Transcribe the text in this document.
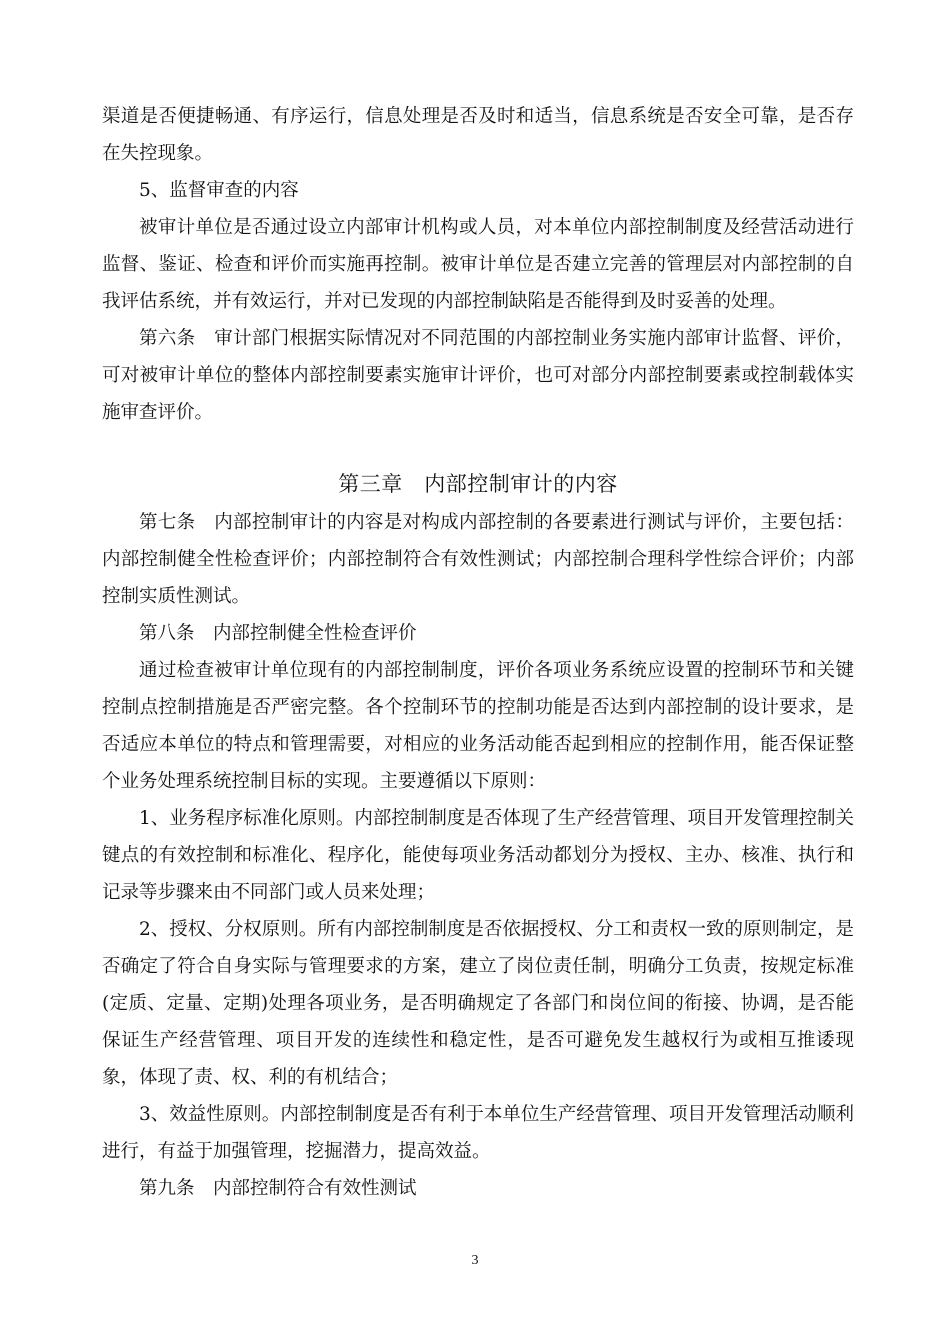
渠道是否便捷畅通、有序运行，信息处理是否及时和适当，信息系统是否安全可靠，是否存在失控现象。

5、监督审查的内容

被审计单位是否通过设立内部审计机构或人员，对本单位内部控制制度及经营活动进行监督、鉴证、检查和评价而实施再控制。被审计单位是否建立完善的管理层对内部控制的自我评估系统，并有效运行，并对已发现的内部控制缺陷是否能得到及时妥善的处理。

第六条　审计部门根据实际情况对不同范围的内部控制业务实施内部审计监督、评价，可对被审计单位的整体内部控制要素实施审计评价，也可对部分内部控制要素或控制载体实施审查评价。

第三章　内部控制审计的内容

第七条　内部控制审计的内容是对构成内部控制的各要素进行测试与评价，主要包括：内部控制健全性检查评价；内部控制符合有效性测试；内部控制合理科学性综合评价；内部控制实质性测试。

第八条　内部控制健全性检查评价

通过检查被审计单位现有的内部控制制度，评价各项业务系统应设置的控制环节和关键控制点控制措施是否严密完整。各个控制环节的控制功能是否达到内部控制的设计要求，是否适应本单位的特点和管理需要，对相应的业务活动能否起到相应的控制作用，能否保证整个业务处理系统控制目标的实现。主要遵循以下原则：

1、业务程序标准化原则。内部控制制度是否体现了生产经营管理、项目开发管理控制关键点的有效控制和标准化、程序化，能使每项业务活动都划分为授权、主办、核准、执行和记录等步骤来由不同部门或人员来处理；

2、授权、分权原则。所有内部控制制度是否依据授权、分工和责权一致的原则制定，是否确定了符合自身实际与管理要求的方案，建立了岗位责任制，明确分工负责，按规定标准(定质、定量、定期)处理各项业务，是否明确规定了各部门和岗位间的衔接、协调，是否能保证生产经营管理、项目开发的连续性和稳定性，是否可避免发生越权行为或相互推诿现象，体现了责、权、利的有机结合；

3、效益性原则。内部控制制度是否有利于本单位生产经营管理、项目开发管理活动顺利进行，有益于加强管理，挖掘潜力，提高效益。

第九条　内部控制符合有效性测试

3
